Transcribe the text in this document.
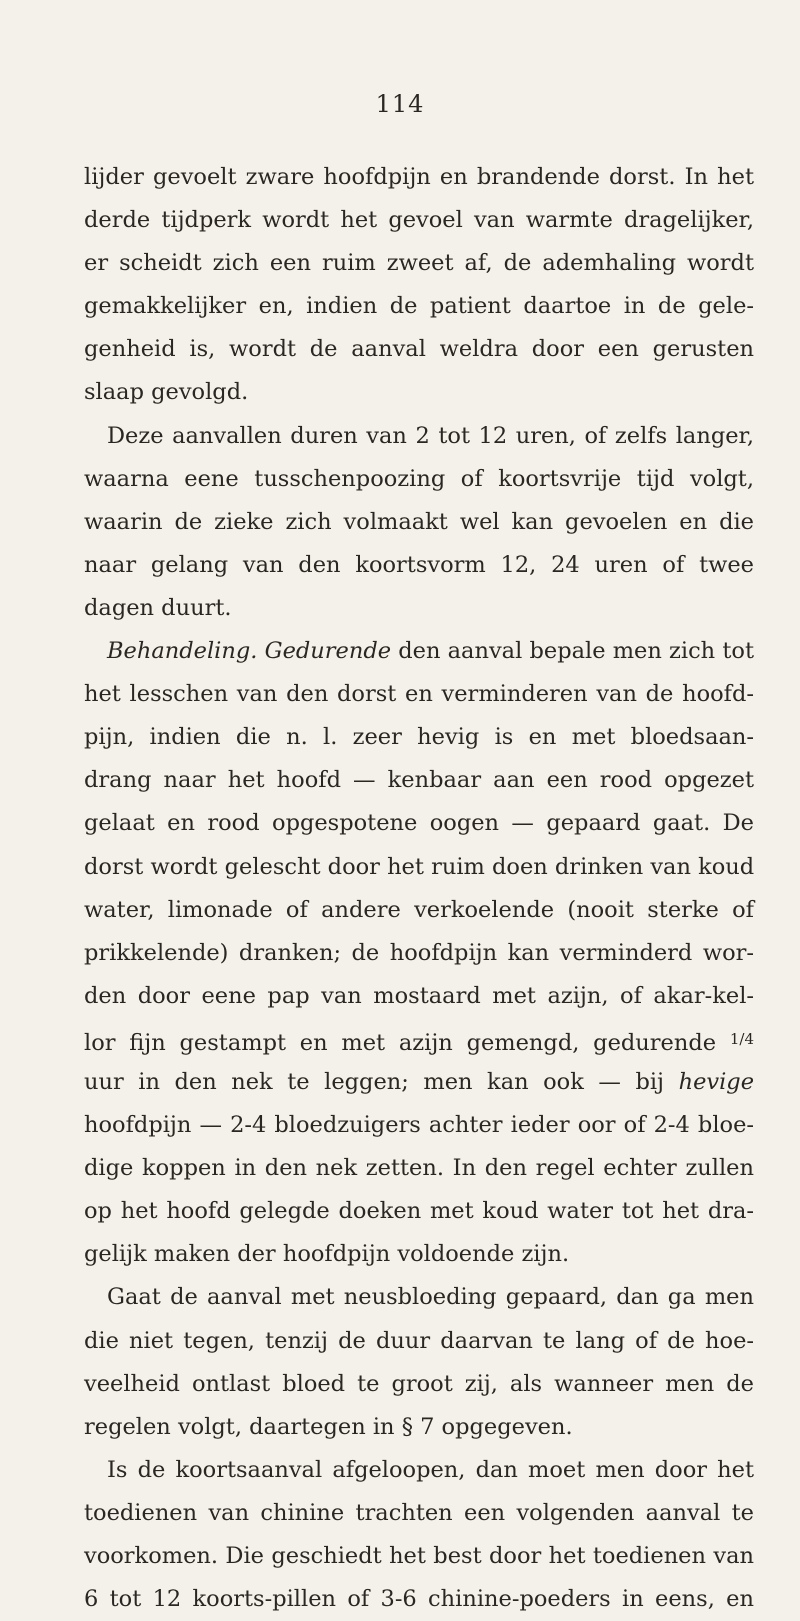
114
lijder gevoelt zware hoofdpijn en brandende dorst. In het
derde tijdperk wordt het gevoel van warmte dragelijker,
er scheidt zich een ruim zweet af, de ademhaling wordt
gemakkelijker en, indien de patient daartoe in de gele-
genheid is, wordt de aanval weldra door een gerusten
slaap gevolgd.
Deze aanvallen duren van 2 tot 12 uren, of zelfs langer,
waarna eene tusschenpoozing of koortsvrije tijd volgt,
waarin de zieke zich volmaakt wel kan gevoelen en die
naar gelang van den koortsvorm 12, 24 uren of twee
dagen duurt.
Behandeling. Gedurende den aanval bepale men zich tot
het lesschen van den dorst en verminderen van de hoofd-
pijn, indien die n. l. zeer hevig is en met bloedsaan-
drang naar het hoofd — kenbaar aan een rood opgezet
gelaat en rood opgespotene oogen — gepaard gaat. De
dorst wordt gelescht door het ruim doen drinken van koud
water, limonade of andere verkoelende (nooit sterke of
prikkelende) dranken; de hoofdpijn kan verminderd wor-
den door eene pap van mostaard met azijn, of akar-kel-
lor fijn gestampt en met azijn gemengd, gedurende $^{1/4}$
uur in den nek te leggen; men kan ook — bij hevige
hoofdpijn — 2-4 bloedzuigers achter ieder oor of 2-4 bloe-
dige koppen in den nek zetten. In den regel echter zullen
op het hoofd gelegde doeken met koud water tot het dra-
gelijk maken der hoofdpijn voldoende zijn.
Gaat de aanval met neusbloeding gepaard, dan ga men
die niet tegen, tenzij de duur daarvan te lang of de hoe-
veelheid ontlast bloed te groot zij, als wanneer men de
regelen volgt, daartegen in § 7 opgegeven.
Is de koortsaanval afgeloopen, dan moet men door het
toedienen van chinine trachten een volgenden aanval te
voorkomen. Die geschiedt het best door het toedienen van
6 tot 12 koorts-pillen of 3-6 chinine-poeders in eens, en
